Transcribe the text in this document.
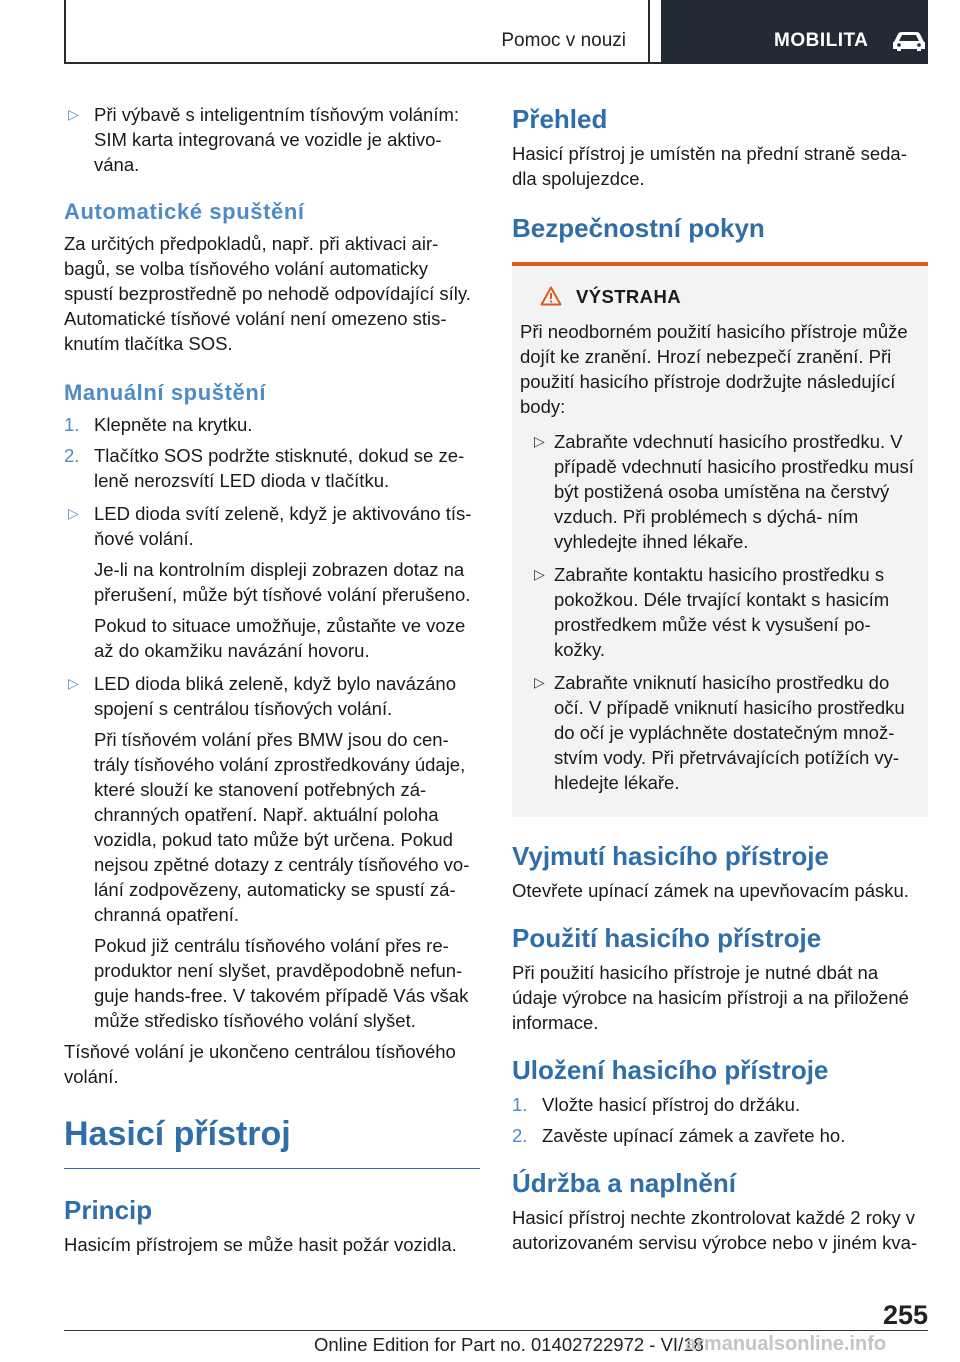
Pomoc v nouzi	MOBILITA
▷ Při výbavě s inteligentním tísňovým voláním: SIM karta integrovaná ve vozidle je aktivo‐ vána.

Automatické spuštění

Za určitých předpokladů, např. při aktivaci air‐ bagů, se volba tísňového volání automaticky spustí bezprostředně po nehodě odpovídající síly. Automatické tísňové volání není omezeno stis‐ knutím tlačítka SOS.

Manuální spuštění
1. Klepněte na krytku.

2. Tlačítko SOS podržte stisknuté, dokud se ze‐ leně nerozsvítí LED dioda v tlačítku.

▷ LED dioda svítí zeleně, když je aktivováno tís‐ ňové volání.

Je-li na kontrolním displeji zobrazen dotaz na přerušení, může být tísňové volání přerušeno.

Pokud to situace umožňuje, zůstaňte ve voze až do okamžiku navázání hovoru.

▷ LED dioda bliká zeleně, když bylo navázáno spojení s centrálou tísňových volání.

Při tísňovém volání přes BMW jsou do cen‐ trály tísňového volání zprostředkovány údaje, které slouží ke stanovení potřebných zá‐ chranných opatření. Např. aktuální poloha vozidla, pokud tato může být určena. Pokud nejsou zpětné dotazy z centrály tísňového vo‐ lání zodpovězeny, automaticky se spustí zá‐ chranná opatření.

Pokud již centrálu tísňového volání přes re‐ produktor není slyšet, pravděpodobně nefun‐ guje hands-free. V takovém případě Vás však může středisko tísňového volání slyšet.

Tísňové volání je ukončeno centrálou tísňového volání.

Hasicí přístroj
Princip

Hasicím přístrojem se může hasit požár vozidla.

Přehled

Hasicí přístroj je umístěn na přední straně seda‐ dla spolujezdce.

Bezpečnostní pokyn
VÝSTRAHA

Při neodborném použití hasicího přístroje může dojít ke zranění. Hrozí nebezpečí zranění. Při použití hasicího přístroje dodržujte následující body:

▷ Zabraňte vdechnutí hasicího prostředku. V případě vdechnutí hasicího prostředku musí být postižená osoba umístěna na čerstvý vzduch. Při problémech s dýchá‐ ním vyhledejte ihned lékaře.

▷ Zabraňte kontaktu hasicího prostředku s pokožkou. Déle trvající kontakt s hasicím prostředkem může vést k vysušení po‐ kožky.

▷ Zabraňte vniknutí hasicího prostředku do očí. V případě vniknutí hasicího prostředku do očí je vypláchněte dostatečným množ‐ stvím vody. Při přetrvávajících potížích vy‐ hledejte lékaře.

Vyjmutí hasicího přístroje

Otevřete upínací zámek na upevňovacím pásku.

Použití hasicího přístroje

Při použití hasicího přístroje je nutné dbát na údaje výrobce na hasicím přístroji a na přiložené informace.

Uložení hasicího přístroje
1. Vložte hasicí přístroj do držáku.

2. Zavěste upínací zámek a zavřete ho.

Údržba a naplnění

Hasicí přístroj nechte zkontrolovat každé 2 roky v autorizovaném servisu výrobce nebo v jiném kva‐

255
Online Edition for Part no. 01402722972 - VI/18
armanualsonline.info
